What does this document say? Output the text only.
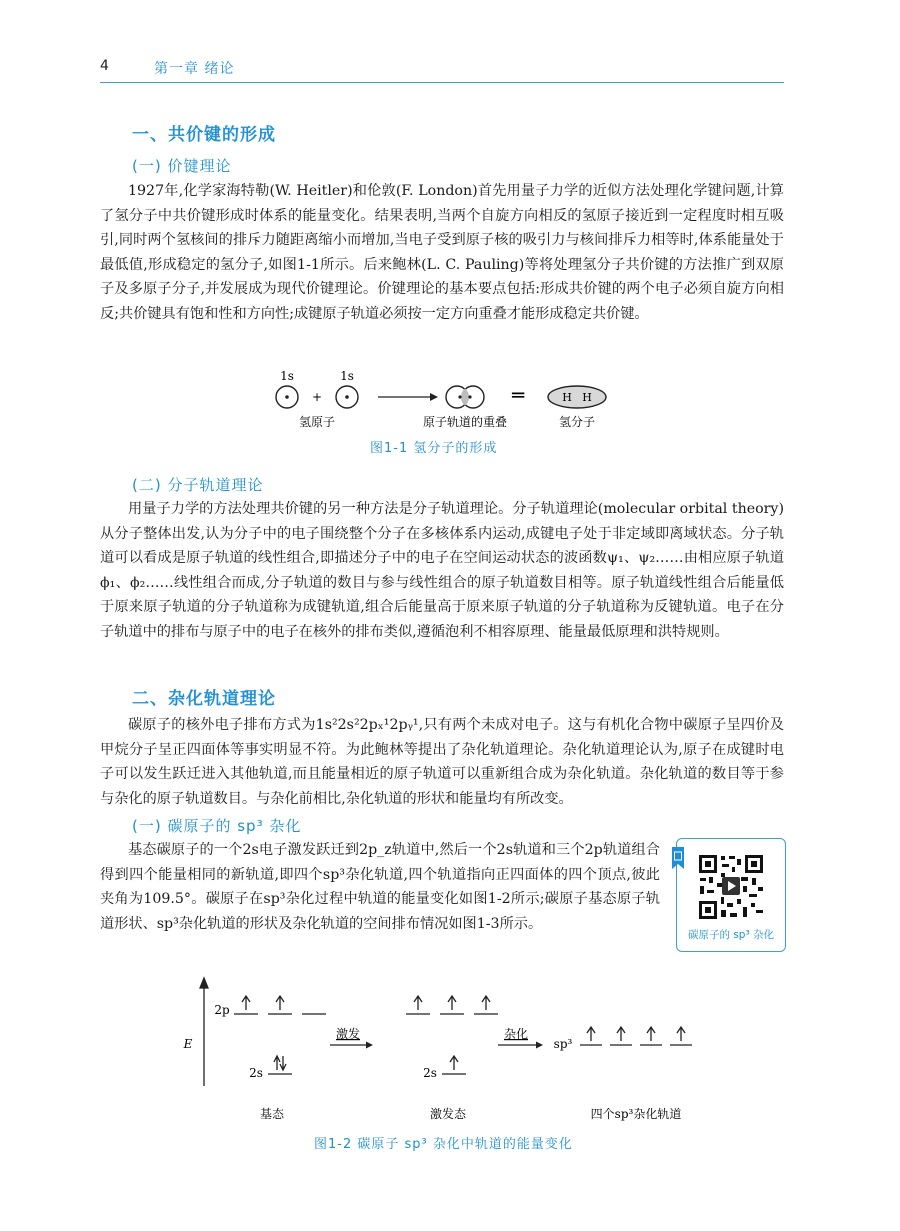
4	第一章 绪论
一、共价键的形成
(一) 价键理论
1927年,化学家海特勒(W. Heitler)和伦敦(F. London)首先用量子力学的近似方法处理化学键问题,计算了氢分子中共价键形成时体系的能量变化。结果表明,当两个自旋方向相反的氢原子接近到一定程度时相互吸引,同时两个氢核间的排斥力随距离缩小而增加,当电子受到原子核的吸引力与核间排斥力相等时,体系能量处于最低值,形成稳定的氢分子,如图1-1所示。后来鲍林(L. C. Pauling)等将处理氢分子共价键的方法推广到双原子及多原子分子,并发展成为现代价键理论。价键理论的基本要点包括:形成共价键的两个电子必须自旋方向相反;共价键具有饱和性和方向性;成键原子轨道必须按一定方向重叠才能形成稳定共价键。
1s
+
1s
═	H H
氢原子	原子轨道的重叠	氢分子
图1-1 氢分子的形成
(二) 分子轨道理论
用量子力学的方法处理共价键的另一种方法是分子轨道理论。分子轨道理论(molecular orbital theory)从分子整体出发,认为分子中的电子围绕整个分子在多核体系内运动,成键电子处于非定域即离域状态。分子轨道可以看成是原子轨道的线性组合,即描述分子中的电子在空间运动状态的波函数ψ₁、ψ₂……由相应原子轨道ϕ₁、ϕ₂……线性组合而成,分子轨道的数目与参与线性组合的原子轨道数目相等。原子轨道线性组合后能量低于原来原子轨道的分子轨道称为成键轨道,组合后能量高于原来原子轨道的分子轨道称为反键轨道。电子在分子轨道中的排布与原子中的电子在核外的排布类似,遵循泡利不相容原理、能量最低原理和洪特规则。
二、杂化轨道理论
碳原子的核外电子排布方式为1s²2s²2pₓ¹2pᵧ¹,只有两个未成对电子。这与有机化合物中碳原子呈四价及甲烷分子呈正四面体等事实明显不符。为此鲍林等提出了杂化轨道理论。杂化轨道理论认为,原子在成键时电子可以发生跃迁进入其他轨道,而且能量相近的原子轨道可以重新组合成为杂化轨道。杂化轨道的数目等于参与杂化的原子轨道数目。与杂化前相比,杂化轨道的形状和能量均有所改变。
(一) 碳原子的 sp³ 杂化
基态碳原子的一个2s电子激发跃迁到2p_z轨道中,然后一个2s轨道和三个2p轨道组合得到四个能量相同的新轨道,即四个sp³杂化轨道,四个轨道指向正四面体的四个顶点,彼此夹角为109.5°。碳原子在sp³杂化过程中轨道的能量变化如图1-2所示;碳原子基态原子轨道形状、sp³杂化轨道的形状及杂化轨道的空间排布情况如图1-3所示。
碳原子的 sp³ 杂化
E
2p
2s
基态
激发
2s
激发态
杂化
sp³
四个sp³杂化轨道
图1-2 碳原子 sp³ 杂化中轨道的能量变化
